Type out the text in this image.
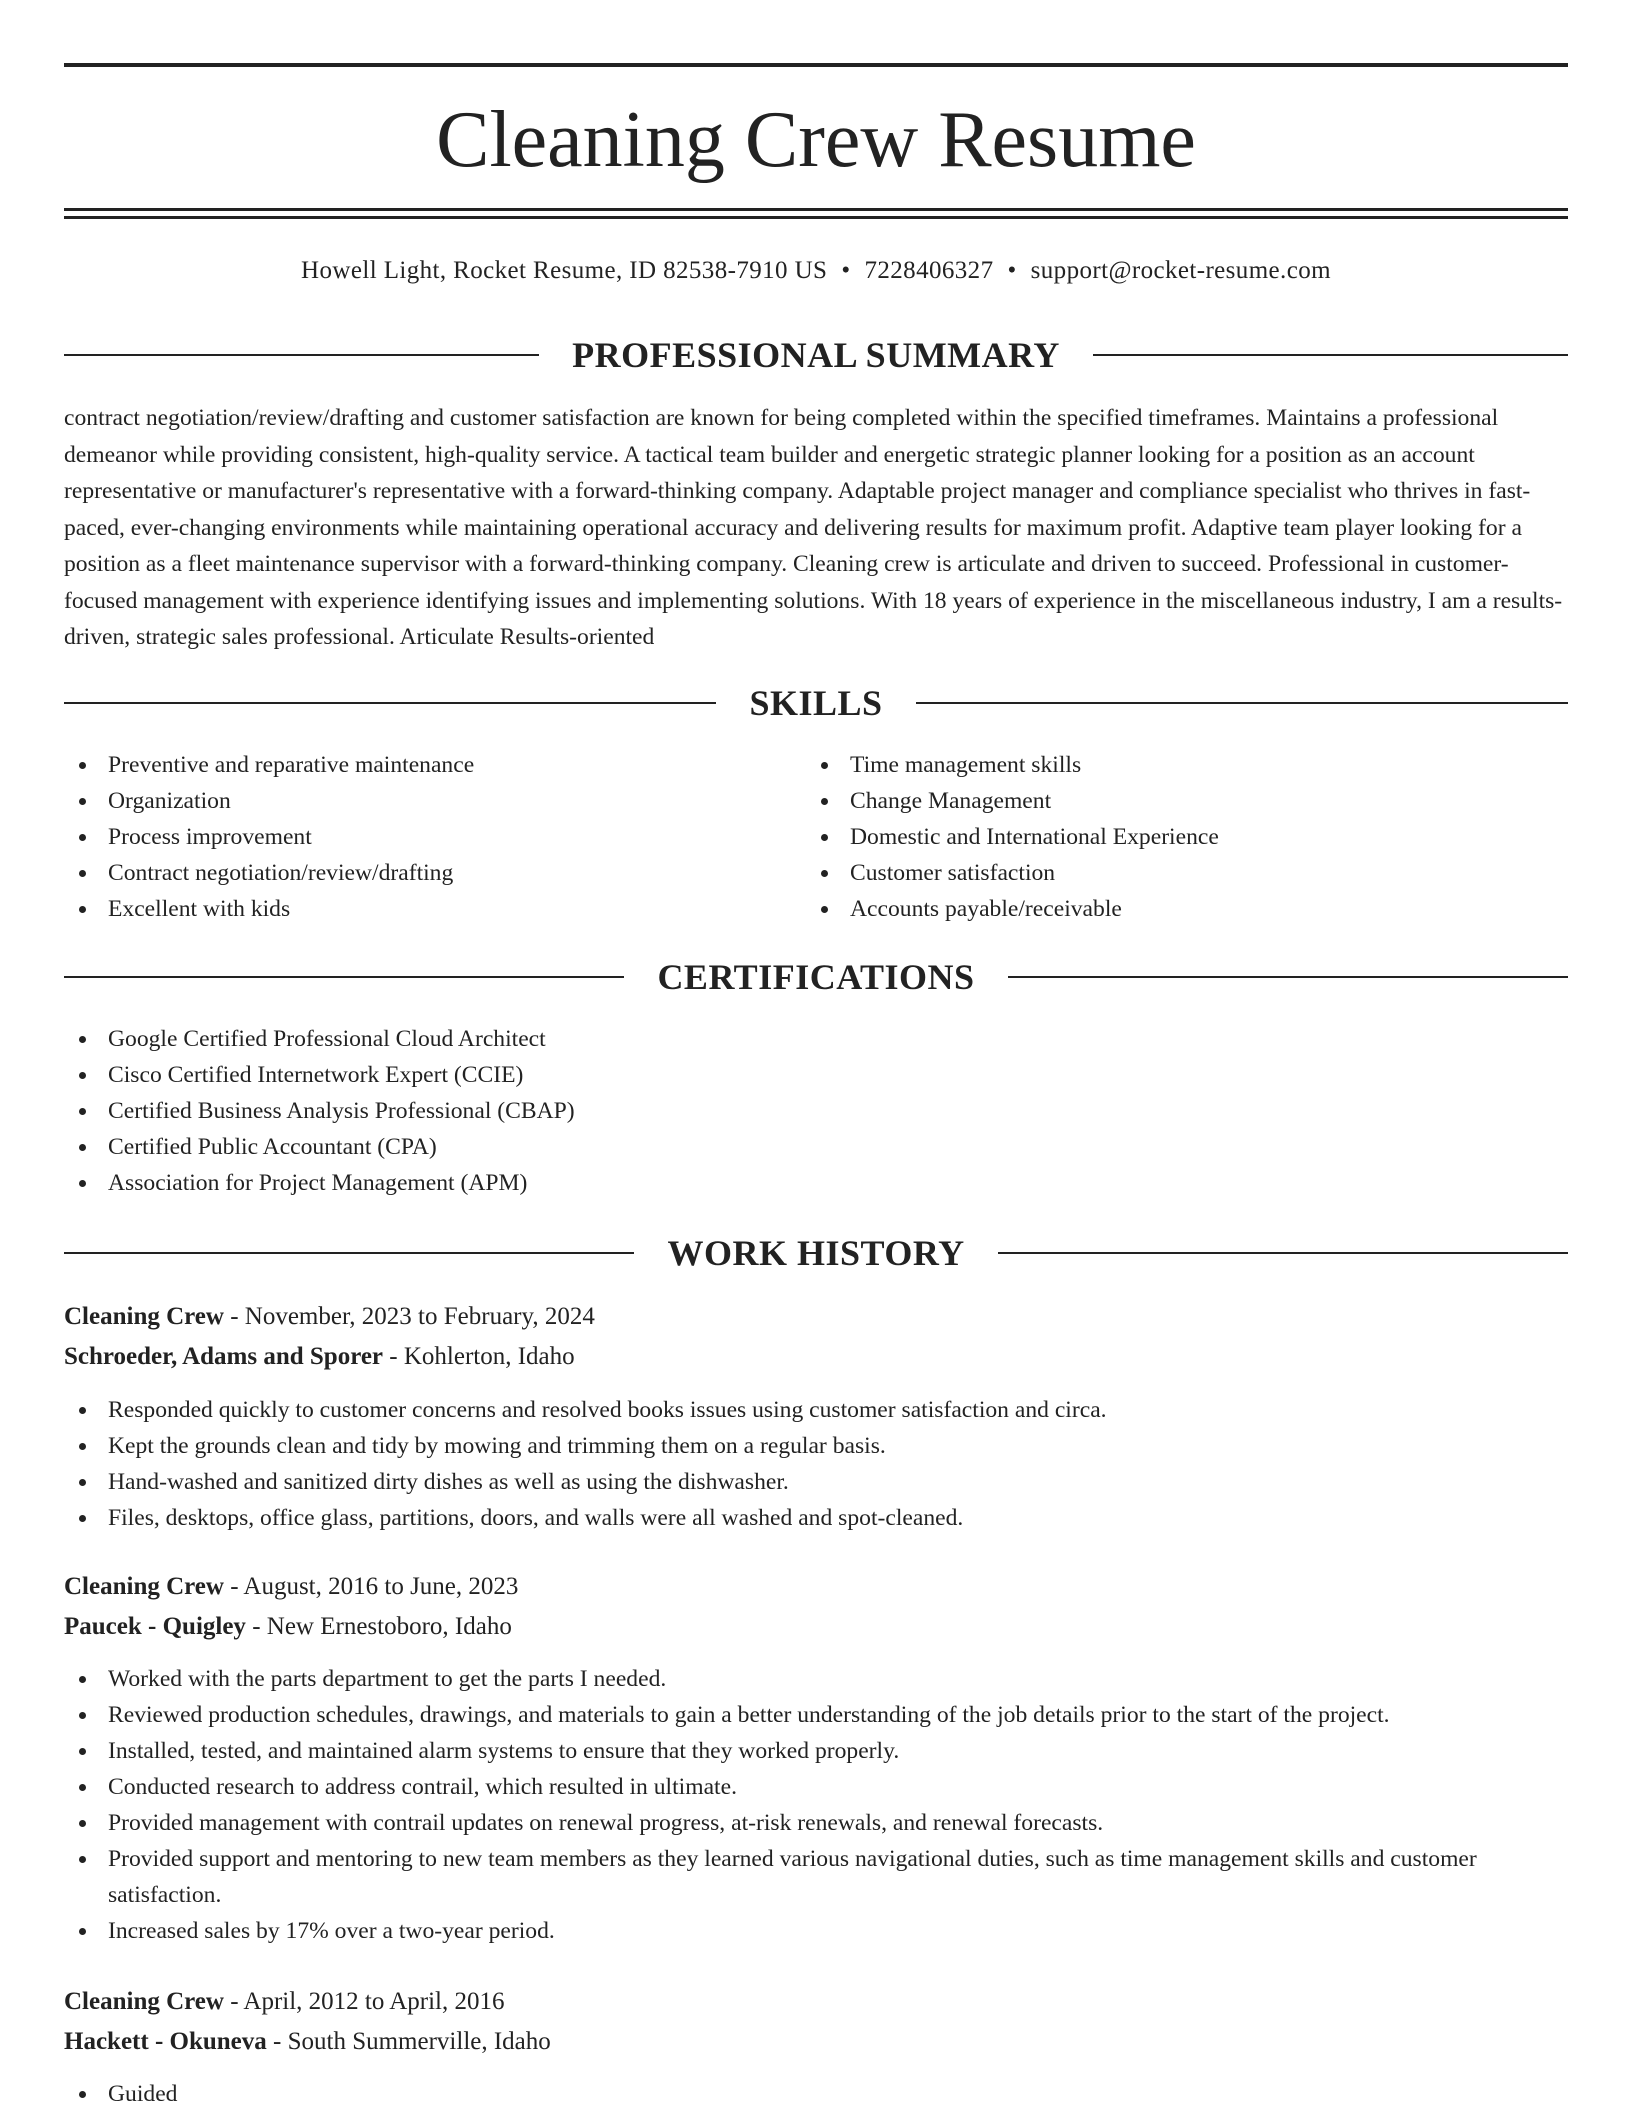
Cleaning Crew Resume
Howell Light, Rocket Resume, ID 82538-7910 US • 7228406327 • support@rocket-resume.com
PROFESSIONAL SUMMARY

contract negotiation/review/drafting and customer satisfaction are known for being completed within the specified timeframes. Maintains a professional demeanor while providing consistent, high-quality service. A tactical team builder and energetic strategic planner looking for a position as an account representative or manufacturer's representative with a forward-thinking company. Adaptable project manager and compliance specialist who thrives in fast-paced, ever-changing environments while maintaining operational accuracy and delivering results for maximum profit. Adaptive team player looking for a position as a fleet maintenance supervisor with a forward-thinking company. Cleaning crew is articulate and driven to succeed. Professional in customer-focused management with experience identifying issues and implementing solutions. With 18 years of experience in the miscellaneous industry, I am a results-driven, strategic sales professional. Articulate Results-oriented

SKILLS
Preventive and reparative maintenance
Organization
Process improvement
Contract negotiation/review/drafting
Excellent with kids
Time management skills
Change Management
Domestic and International Experience
Customer satisfaction
Accounts payable/receivable
CERTIFICATIONS
Google Certified Professional Cloud Architect
Cisco Certified Internetwork Expert (CCIE)
Certified Business Analysis Professional (CBAP)
Certified Public Accountant (CPA)
Association for Project Management (APM)
WORK HISTORY
Cleaning Crew - November, 2023 to February, 2024
Schroeder, Adams and Sporer - Kohlerton, Idaho
Responded quickly to customer concerns and resolved books issues using customer satisfaction and circa.
Kept the grounds clean and tidy by mowing and trimming them on a regular basis.
Hand-washed and sanitized dirty dishes as well as using the dishwasher.
Files, desktops, office glass, partitions, doors, and walls were all washed and spot-cleaned.
Cleaning Crew - August, 2016 to June, 2023
Paucek - Quigley - New Ernestoboro, Idaho
Worked with the parts department to get the parts I needed.
Reviewed production schedules, drawings, and materials to gain a better understanding of the job details prior to the start of the project.
Installed, tested, and maintained alarm systems to ensure that they worked properly.
Conducted research to address contrail, which resulted in ultimate.
Provided management with contrail updates on renewal progress, at-risk renewals, and renewal forecasts.
Provided support and mentoring to new team members as they learned various navigational duties, such as time management skills and customer satisfaction.
Increased sales by 17% over a two-year period.
Cleaning Crew - April, 2012 to April, 2016
Hackett - Okuneva - South Summerville, Idaho
Guided
